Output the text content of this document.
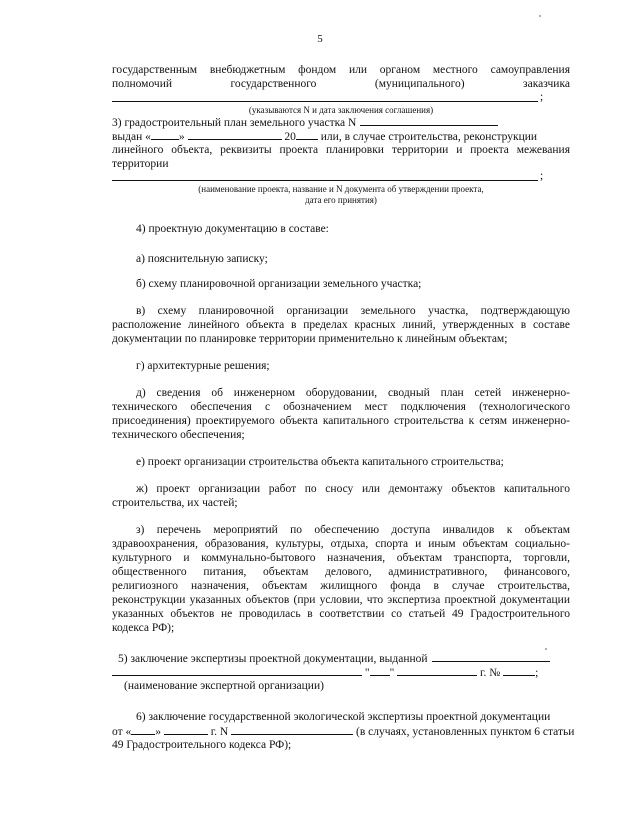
5
государственным внебюджетным фондом или органом местного самоуправления
полномочий	государственного	(муниципального)	заказчика
;
(указываются N и дата заключения соглашения)
3) градостроительный план земельного участка N
выдан « »	20 или, в случае строительства, реконструкции
линейного объекта, реквизиты проекта планировки территории и проекта межевания
территории
;
(наименование проекта, название и N документа об утверждении проекта,
дата его принятия)
4) проектную документацию в составе:
а) пояснительную записку;
б) схему планировочной организации земельного участка;
в) схему планировочной организации земельного участка, подтверждающую
расположение линейного объекта в пределах красных линий, утвержденных в составе
документации по планировке территории применительно к линейным объектам;
г) архитектурные решения;
д) сведения об инженерном оборудовании, сводный план сетей инженерно-
технического обеспечения с обозначением мест подключения (технологического
присоединения) проектируемого объекта капитального строительства к сетям инженерно-
технического обеспечения;
е) проект организации строительства объекта капитального строительства;
ж) проект организации работ по сносу или демонтажу объектов капитального
строительства, их частей;
з) перечень мероприятий по обеспечению доступа инвалидов к объектам
здравоохранения, образования, культуры, отдыха, спорта и иным объектам социально-
культурного и коммунально-бытового назначения, объектам транспорта, торговли,
общественного питания, объектам делового, административного, финансового,
религиозного назначения, объектам жилищного фонда в случае строительства,
реконструкции указанных объектов (при условии, что экспертиза проектной документации
указанных объектов не проводилась в соответствии со статьей 49 Градостроительного
кодекса РФ);
5) заключение экспертизы проектной документации, выданной
" "	г. №	;
(наименование экспертной организации)
6) заключение государственной экологической экспертизы проектной документации
от « »	г. N	(в случаях, установленных пунктом 6 статьи
49 Градостроительного кодекса РФ);
